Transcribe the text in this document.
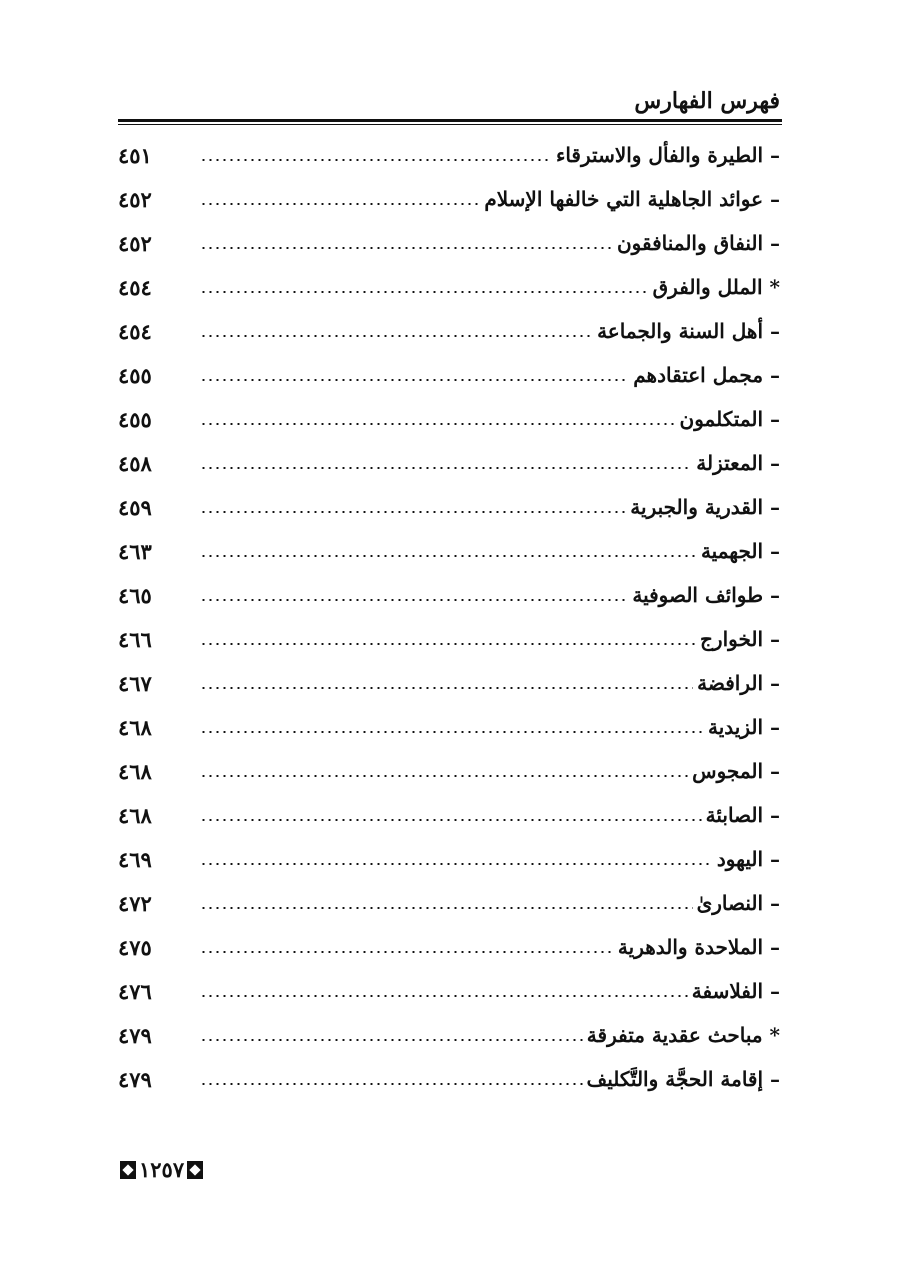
فهرس الفهارس
– الطيرة والفأل والاسترقاء
٤٥١
– عوائد الجاهلية التي خالفها الإسلام
٤٥٢
– النفاق والمنافقون
٤٥٢
* الملل والفرق
٤٥٤
– أهل السنة والجماعة
٤٥٤
– مجمل اعتقادهم
٤٥٥
– المتكلمون
٤٥٥
– المعتزلة
٤٥٨
– القدرية والجبرية
٤٥٩
– الجهمية
٤٦٣
– طوائف الصوفية
٤٦٥
– الخوارج
٤٦٦
– الرافضة
٤٦٧
– الزيدية
٤٦٨
– المجوس
٤٦٨
– الصابئة
٤٦٨
– اليهود
٤٦٩
– النصارىٰ
٤٧٢
– الملاحدة والدهرية
٤٧٥
– الفلاسفة
٤٧٦
* مباحث عقدية متفرقة
٤٧٩
– إقامة الحجَّة والتَّكليف
٤٧٩
١٢٥٧
